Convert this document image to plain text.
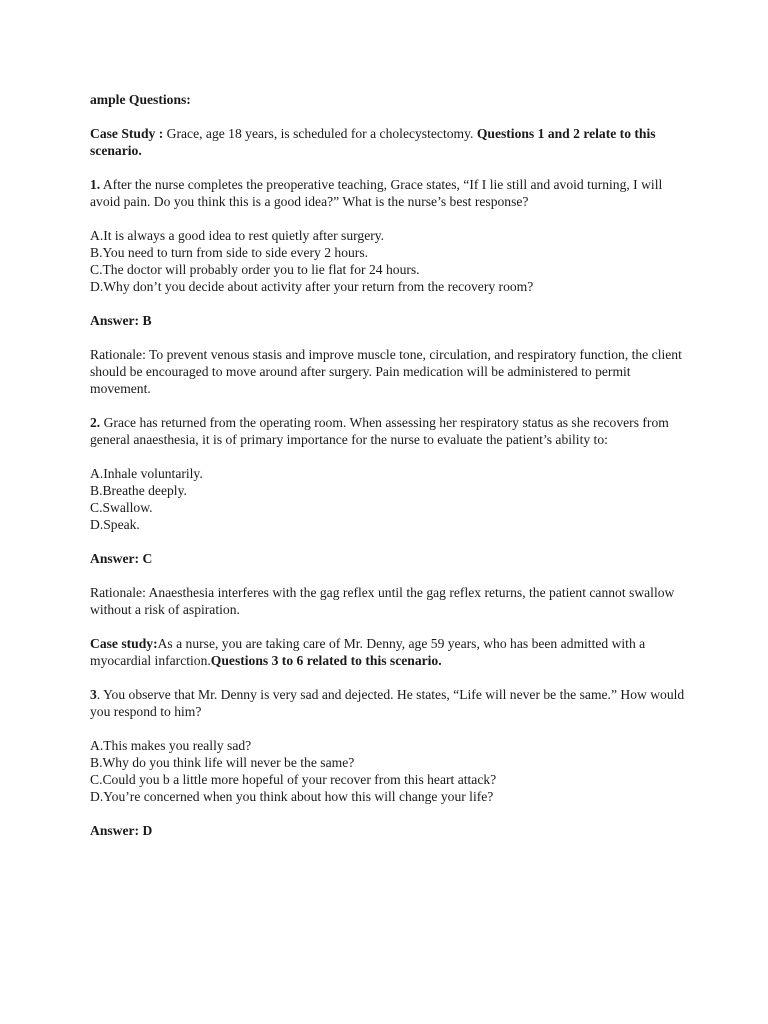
ample Questions:

Case Study : Grace, age 18 years, is scheduled for a cholecystectomy. Questions 1 and 2 relate to this scenario.

1. After the nurse completes the preoperative teaching, Grace states, “If I lie still and avoid turning, I will avoid pain. Do you think this is a good idea?” What is the nurse’s best response?

A.It is always a good idea to rest quietly after surgery.

B.You need to turn from side to side every 2 hours.

C.The doctor will probably order you to lie flat for 24 hours.

D.Why don’t you decide about activity after your return from the recovery room?

Answer: B

Rationale: To prevent venous stasis and improve muscle tone, circulation, and respiratory function, the client should be encouraged to move around after surgery. Pain medication will be administered to permit movement.

2. Grace has returned from the operating room. When assessing her respiratory status as she recovers from general anaesthesia, it is of primary importance for the nurse to evaluate the patient’s ability to:

A.Inhale voluntarily.

B.Breathe deeply.

C.Swallow.

D.Speak.

Answer: C

Rationale: Anaesthesia interferes with the gag reflex until the gag reflex returns, the patient cannot swallow without a risk of aspiration.

Case study:As a nurse, you are taking care of Mr. Denny, age 59 years, who has been admitted with a myocardial infarction.Questions 3 to 6 related to this scenario.

3. You observe that Mr. Denny is very sad and dejected. He states, “Life will never be the same.” How would you respond to him?

A.This makes you really sad?

B.Why do you think life will never be the same?

C.Could you b a little more hopeful of your recover from this heart attack?

D.You’re concerned when you think about how this will change your life?

Answer: D
